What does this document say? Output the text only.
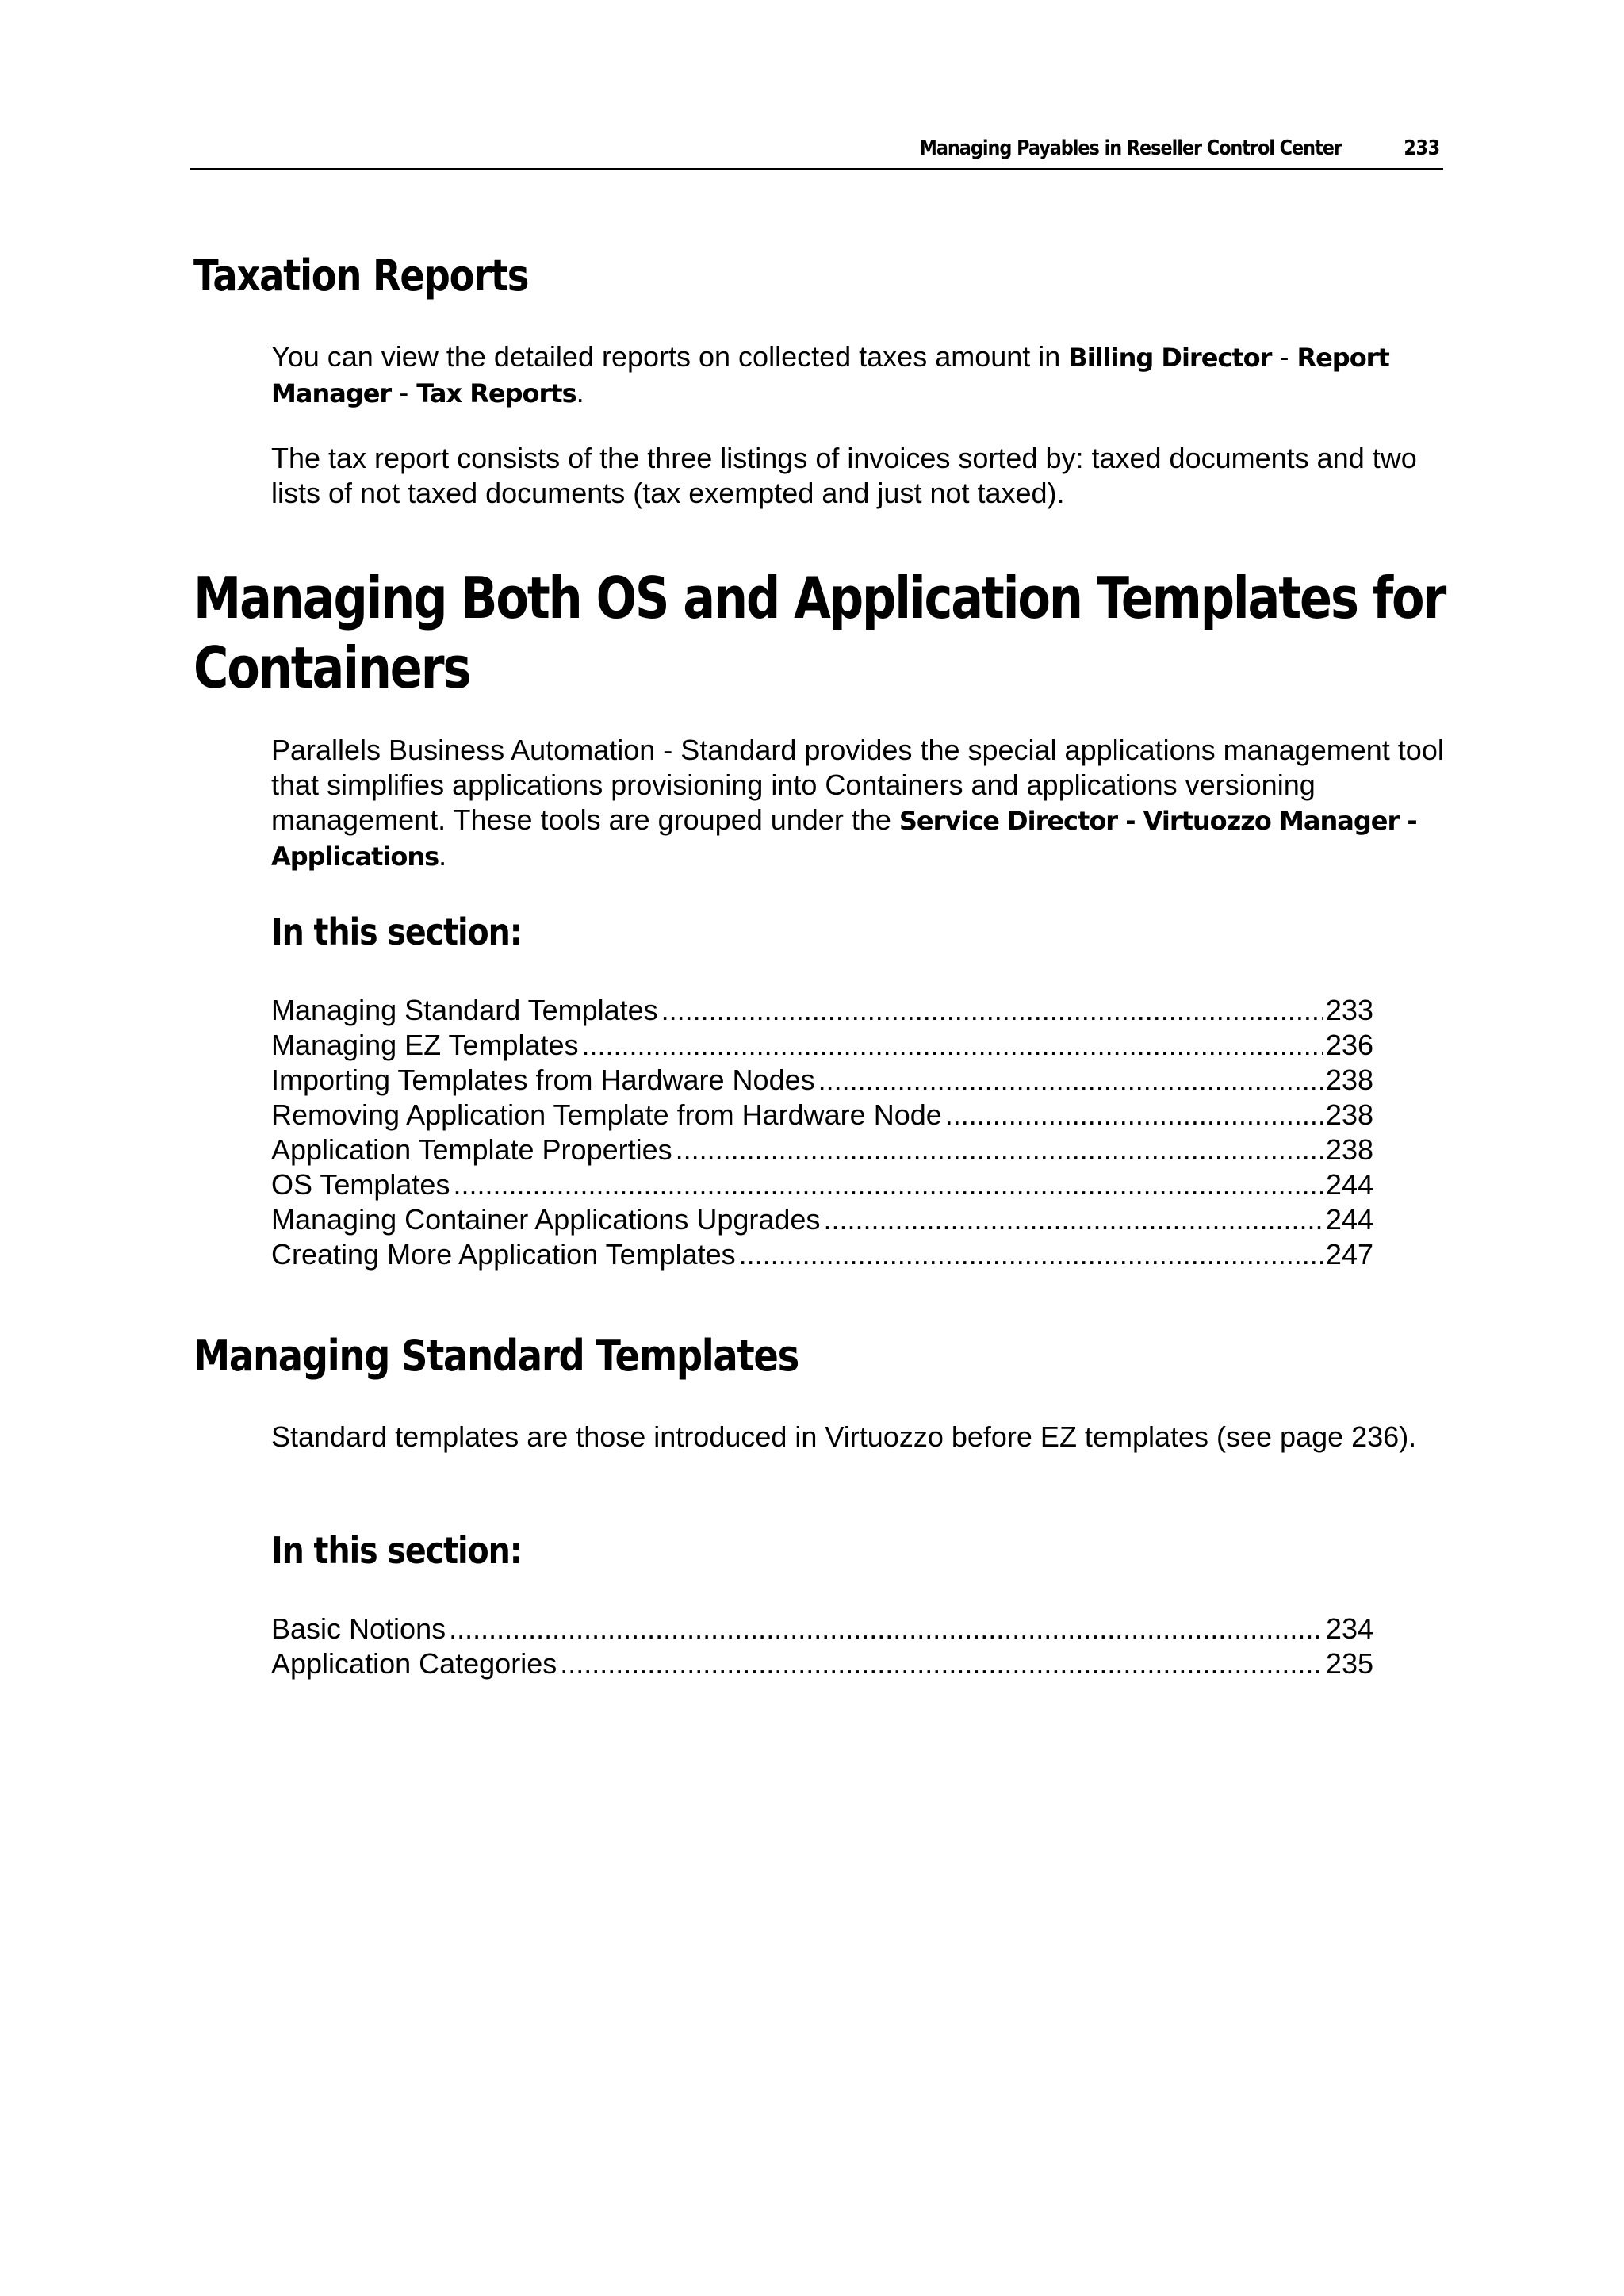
Managing Payables in Reseller Control Center	233
Taxation Reports
You can view the detailed reports on collected taxes amount in Billing Director - Report Manager - Tax Reports.
The tax report consists of the three listings of invoices sorted by: taxed documents and two lists of not taxed documents (tax exempted and just not taxed).
Managing Both OS and Application Templates for
Containers
Parallels Business Automation - Standard provides the special applications management tool that simplifies applications provisioning into Containers and applications versioning management. These tools are grouped under the Service Director - Virtuozzo Manager - Applications.
In this section:
Managing Standard Templates .....	233
Managing EZ Templates .....	236
Importing Templates from Hardware Nodes .....	238
Removing Application Template from Hardware Node .....	238
Application Template Properties .....	238
OS Templates .....	244
Managing Container Applications Upgrades .....	244
Creating More Application Templates .....	247
Managing Standard Templates
Standard templates are those introduced in Virtuozzo before EZ templates (see page 236).
In this section:
Basic Notions .....	234
Application Categories .....	235
